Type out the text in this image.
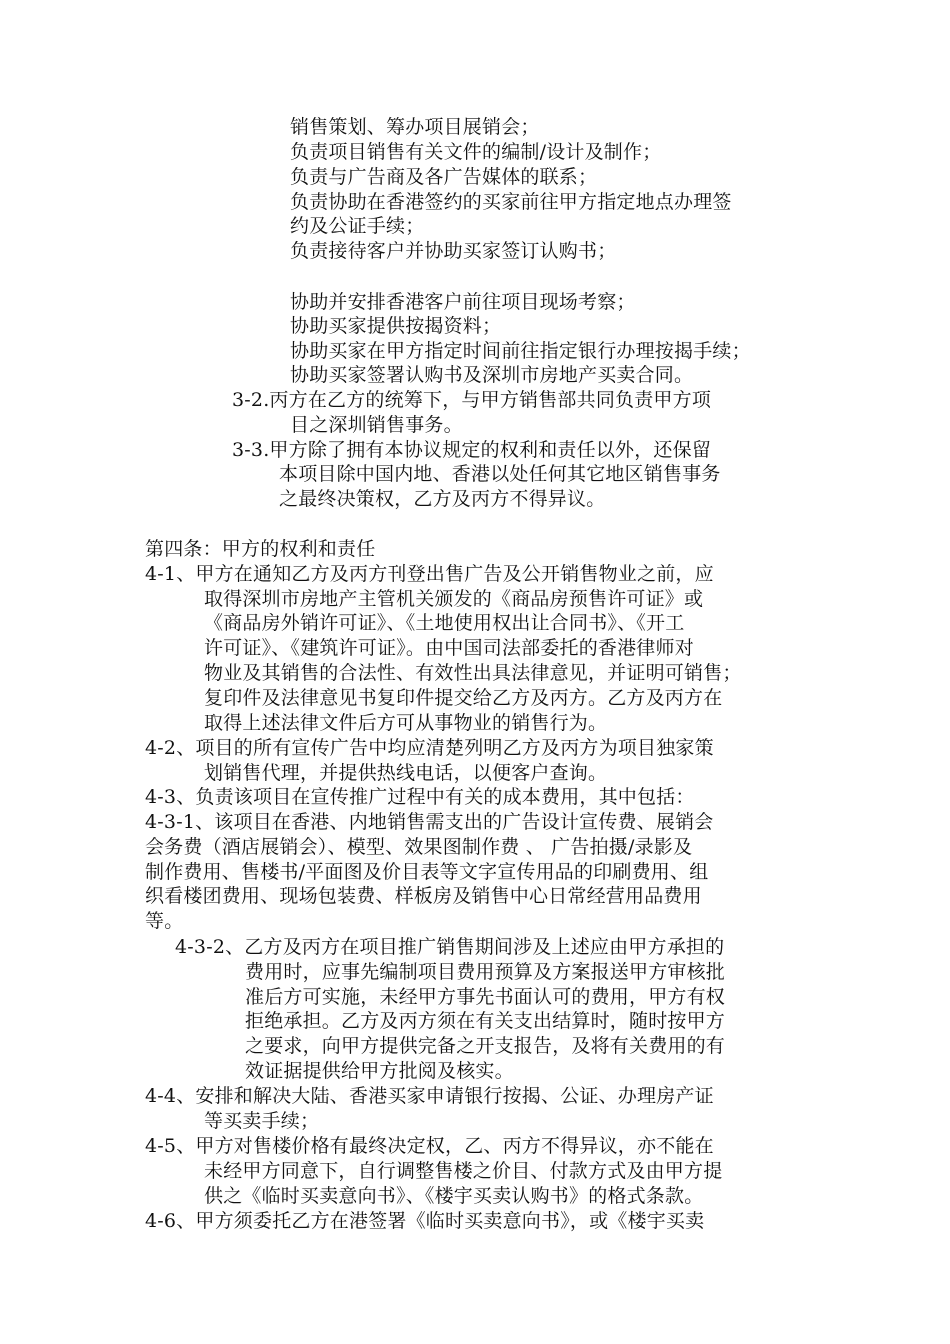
销售策划、筹办项目展销会；
负责项目销售有关文件的编制/设计及制作；
负责与广告商及各广告媒体的联系；
负责协助在香港签约的买家前往甲方指定地点办理签
约及公证手续；
负责接待客户并协助买家签订认购书；
协助并安排香港客户前往项目现场考察；
协助买家提供按揭资料；
协助买家在甲方指定时间前往指定银行办理按揭手续；
协助买家签署认购书及深圳市房地产买卖合同。
3-2.丙方在乙方的统筹下，与甲方销售部共同负责甲方项
目之深圳销售事务。
3-3.甲方除了拥有本协议规定的权利和责任以外，还保留
本项目除中国内地、香港以处任何其它地区销售事务
之最终决策权，乙方及丙方不得异议。
第四条：甲方的权利和责任
4-1、甲方在通知乙方及丙方刊登出售广告及公开销售物业之前，应
取得深圳市房地产主管机关颁发的《商品房预售许可证》或
《商品房外销许可证》、《土地使用权出让合同书》、《开工
许可证》、《建筑许可证》。由中国司法部委托的香港律师对
物业及其销售的合法性、有效性出具法律意见，并证明可销售；
复印件及法律意见书复印件提交给乙方及丙方。乙方及丙方在
取得上述法律文件后方可从事物业的销售行为。
4-2、项目的所有宣传广告中均应清楚列明乙方及丙方为项目独家策
划销售代理，并提供热线电话，以便客户查询。
4-3、负责该项目在宣传推广过程中有关的成本费用，其中包括：
4-3-1、该项目在香港、内地销售需支出的广告设计宣传费、展销会
会务费（酒店展销会）、模型、效果图制作费 、 广告拍摄/录影及
制作费用、售楼书/平面图及价目表等文字宣传用品的印刷费用、组
织看楼团费用、现场包装费、样板房及销售中心日常经营用品费用
等。
4-3-2、乙方及丙方在项目推广销售期间涉及上述应由甲方承担的
费用时，应事先编制项目费用预算及方案报送甲方审核批
准后方可实施，未经甲方事先书面认可的费用，甲方有权
拒绝承担。乙方及丙方须在有关支出结算时，随时按甲方
之要求，向甲方提供完备之开支报告，及将有关费用的有
效证据提供给甲方批阅及核实。
4-4、安排和解决大陆、香港买家申请银行按揭、公证、办理房产证
等买卖手续；
4-5、甲方对售楼价格有最终决定权，乙、丙方不得异议，亦不能在
未经甲方同意下，自行调整售楼之价目、付款方式及由甲方提
供之《临时买卖意向书》、《楼宇买卖认购书》的格式条款。
4-6、甲方须委托乙方在港签署《临时买卖意向书》，或《楼宇买卖
